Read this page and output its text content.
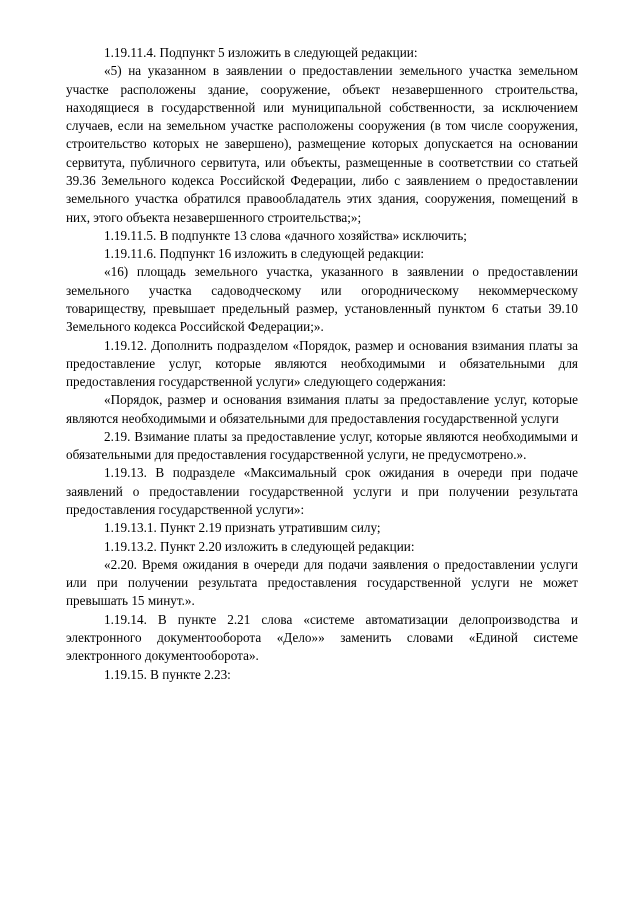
1.19.11.4. Подпункт 5 изложить в следующей редакции:

«5) на указанном в заявлении о предоставлении земельного участка земельном участке расположены здание, сооружение, объект незавершенного строительства, находящиеся в государственной или муниципальной собственности, за исключением случаев, если на земельном участке расположены сооружения (в том числе сооружения, строительство которых не завершено), размещение которых допускается на основании сервитута, публичного сервитута, или объекты, размещенные в соответствии со статьей 39.36 Земельного кодекса Российской Федерации, либо с заявлением о предоставлении земельного участка обратился правообладатель этих здания, сооружения, помещений в них, этого объекта незавершенного строительства;»;

1.19.11.5. В подпункте 13 слова «дачного хозяйства» исключить;

1.19.11.6. Подпункт 16 изложить в следующей редакции:

«16) площадь земельного участка, указанного в заявлении о предоставлении земельного участка садоводческому или огородническому некоммерческому товариществу, превышает предельный размер, установленный пунктом 6 статьи 39.10 Земельного кодекса Российской Федерации;».

1.19.12. Дополнить подразделом «Порядок, размер и основания взимания платы за предоставление услуг, которые являются необходимыми и обязательными для предоставления государственной услуги» следующего содержания:

«Порядок, размер и основания взимания платы за предоставление услуг, которые являются необходимыми и обязательными для предоставления государственной услуги

2.19. Взимание платы за предоставление услуг, которые являются необходимыми и обязательными для предоставления государственной услуги, не предусмотрено.».

1.19.13. В подразделе «Максимальный срок ожидания в очереди при подаче заявлений о предоставлении государственной услуги и при получении результата предоставления государственной услуги»:

1.19.13.1. Пункт 2.19 признать утратившим силу;

1.19.13.2. Пункт 2.20 изложить в следующей редакции:

«2.20. Время ожидания в очереди для подачи заявления о предоставлении услуги или при получении результата предоставления государственной услуги не может превышать 15 минут.».

1.19.14. В пункте 2.21 слова «системе автоматизации делопроизводства и электронного документооборота «Дело»» заменить словами «Единой системе электронного документооборота».

1.19.15. В пункте 2.23:
